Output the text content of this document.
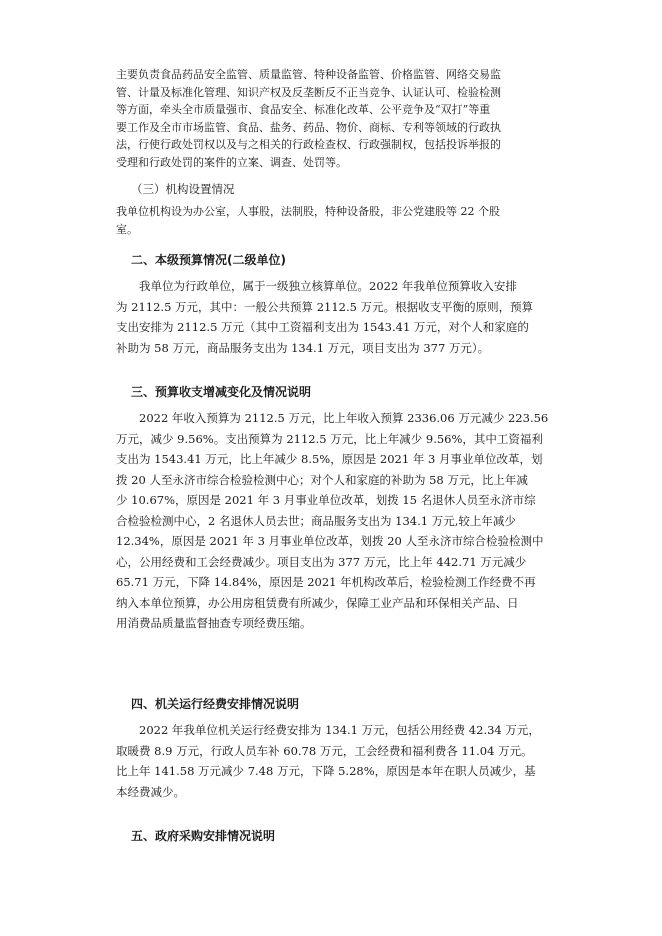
主要负责食品药品安全监管、质量监管、特种设备监管、价格监管、网络交易监
管、计量及标准化管理、知识产权及反垄断反不正当竞争、认证认可、检验检测
等方面，牵头全市质量强市、食品安全、标准化改革、公平竞争及“双打”等重
要工作及全市市场监管、食品、盐务、药品、物价、商标、专利等领域的行政执
法，行使行政处罚权以及与之相关的行政检查权、行政强制权，包括投诉举报的
受理和行政处罚的案件的立案、调查、处罚等。

（三）机构设置情况

我单位机构设为办公室，人事股，法制股，特种设备股，非公党建股等 22 个股
室。

二、本级预算情况(二级单位)

我单位为行政单位，属于一级独立核算单位。2022 年我单位预算收入安排
为 2112.5 万元，其中：一般公共预算 2112.5 万元。根据收支平衡的原则，预算
支出安排为 2112.5 万元（其中工资福利支出为 1543.41 万元，对个人和家庭的
补助为 58 万元，商品服务支出为 134.1 万元，项目支出为 377 万元）。

三、预算收支增减变化及情况说明

2022 年收入预算为 2112.5 万元，比上年收入预算 2336.06 万元减少 223.56
万元，减少 9.56%。支出预算为 2112.5 万元，比上年减少 9.56%，其中工资福利
支出为 1543.41 万元，比上年减少 8.5%，原因是 2021 年 3 月事业单位改革，划
拨 20 人至永济市综合检验检测中心；对个人和家庭的补助为 58 万元，比上年减
少 10.67%，原因是 2021 年 3 月事业单位改革，划拨 15 名退休人员至永济市综
合检验检测中心，2 名退休人员去世；商品服务支出为 134.1 万元,较上年减少
12.34%，原因是 2021 年 3 月事业单位改革，划拨 20 人至永济市综合检验检测中
心，公用经费和工会经费减少。项目支出为 377 万元，比上年 442.71 万元减少
65.71 万元，下降 14.84%，原因是 2021 年机构改革后，检验检测工作经费不再
纳入本单位预算，办公用房租赁费有所减少，保障工业产品和环保相关产品、日
用消费品质量监督抽查专项经费压缩。

四、机关运行经费安排情况说明

2022 年我单位机关运行经费安排为 134.1 万元，包括公用经费 42.34 万元，
取暖费 8.9 万元，行政人员车补 60.78 万元，工会经费和福利费各 11.04 万元。
比上年 141.58 万元减少 7.48 万元，下降 5.28%，原因是本年在职人员减少，基
本经费减少。

五、政府采购安排情况说明
